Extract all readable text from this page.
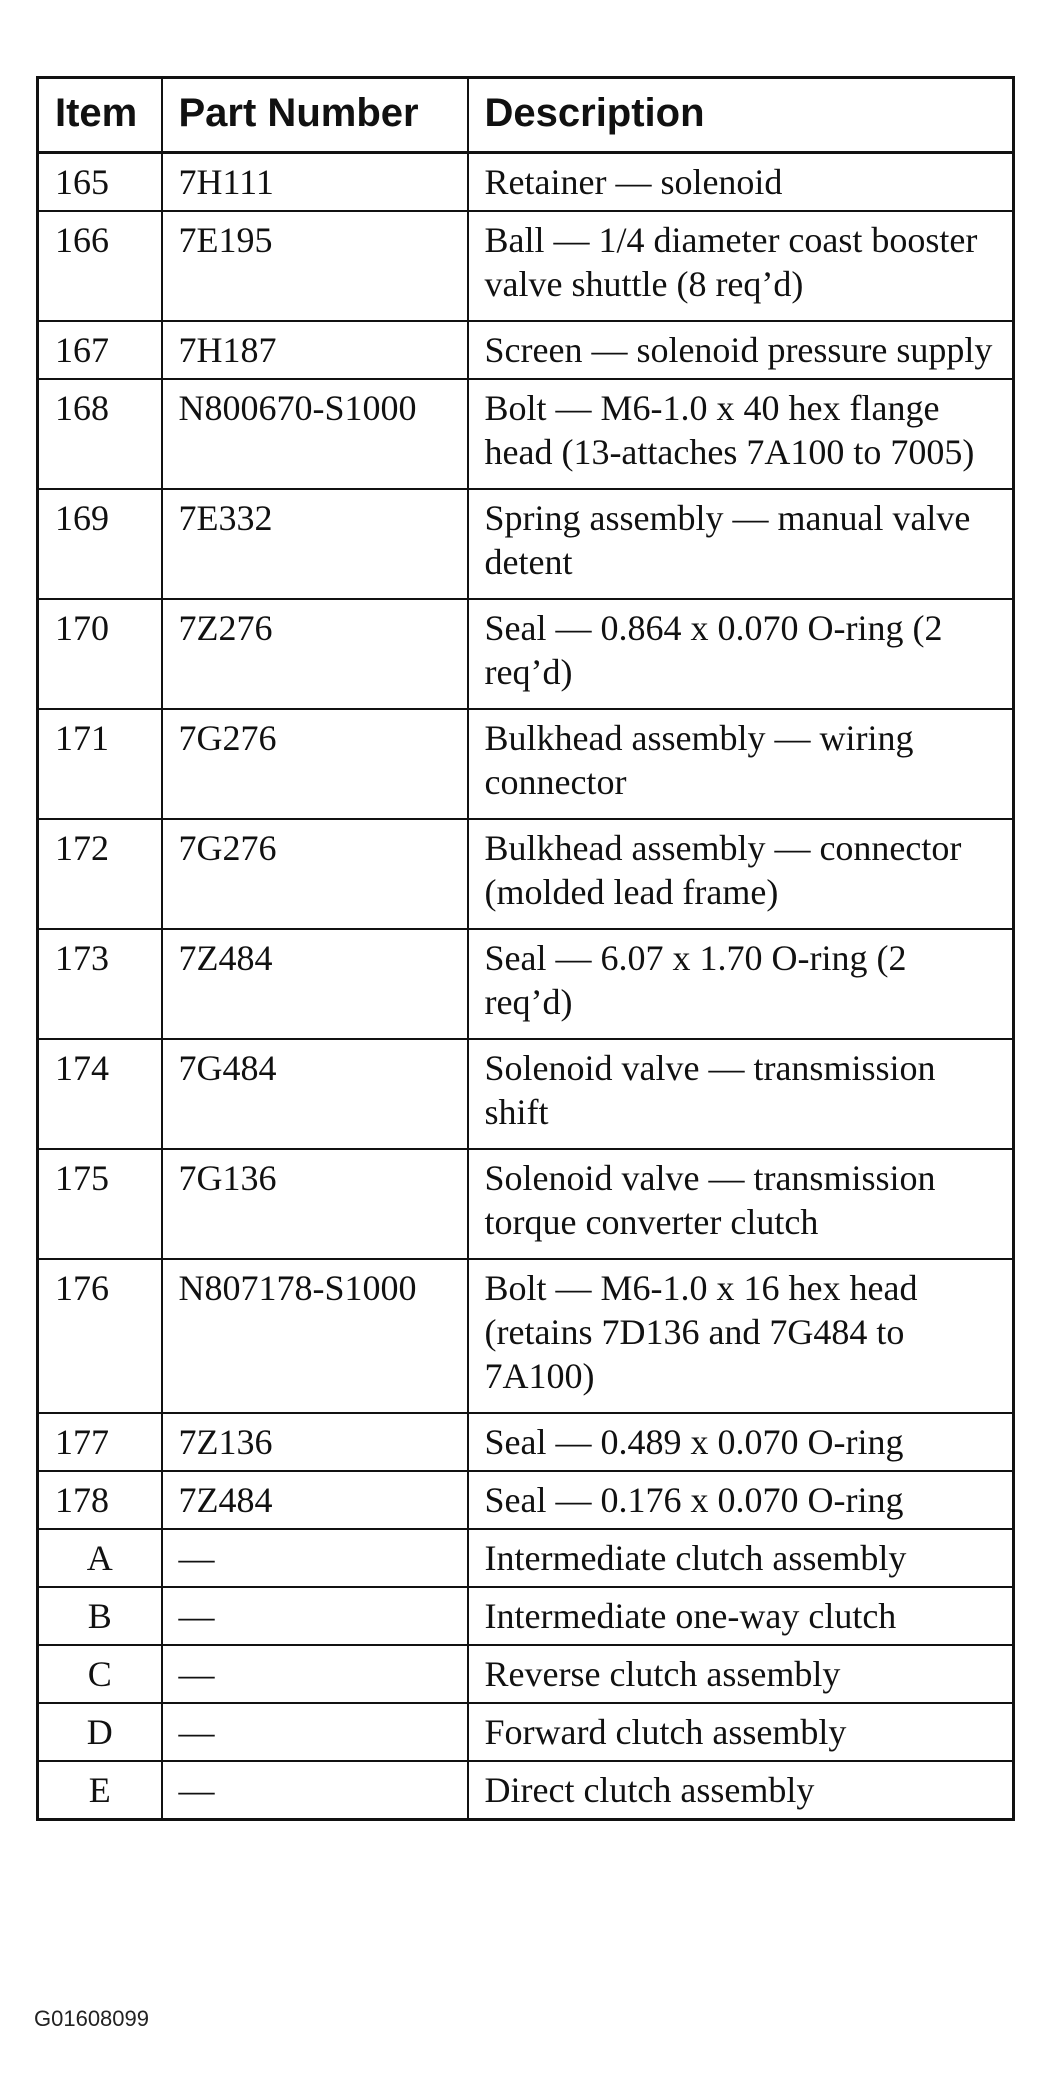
Item	Part Number	Description
165	7H111	Retainer — solenoid
166	7E195	Ball — 1/4 diameter coast booster valve shuttle (8 req’d)
167	7H187	Screen — solenoid pressure supply
168	N800670-S1000	Bolt — M6-1.0 x 40 hex flange head (13-attaches 7A100 to 7005)
169	7E332	Spring assembly — manual valve detent
170	7Z276	Seal — 0.864 x 0.070 O-ring (2 req’d)
171	7G276	Bulkhead assembly — wiring connector
172	7G276	Bulkhead assembly — connector (molded lead frame)
173	7Z484	Seal — 6.07 x 1.70 O-ring (2 req’d)
174	7G484	Solenoid valve — transmission shift
175	7G136	Solenoid valve — transmission torque converter clutch
176	N807178-S1000	Bolt — M6-1.0 x 16 hex head (retains 7D136 and 7G484 to 7A100)
177	7Z136	Seal — 0.489 x 0.070 O-ring
178	7Z484	Seal — 0.176 x 0.070 O-ring
A	—	Intermediate clutch assembly
B	—	Intermediate one-way clutch
C	—	Reverse clutch assembly
D	—	Forward clutch assembly
E	—	Direct clutch assembly
G01608099
